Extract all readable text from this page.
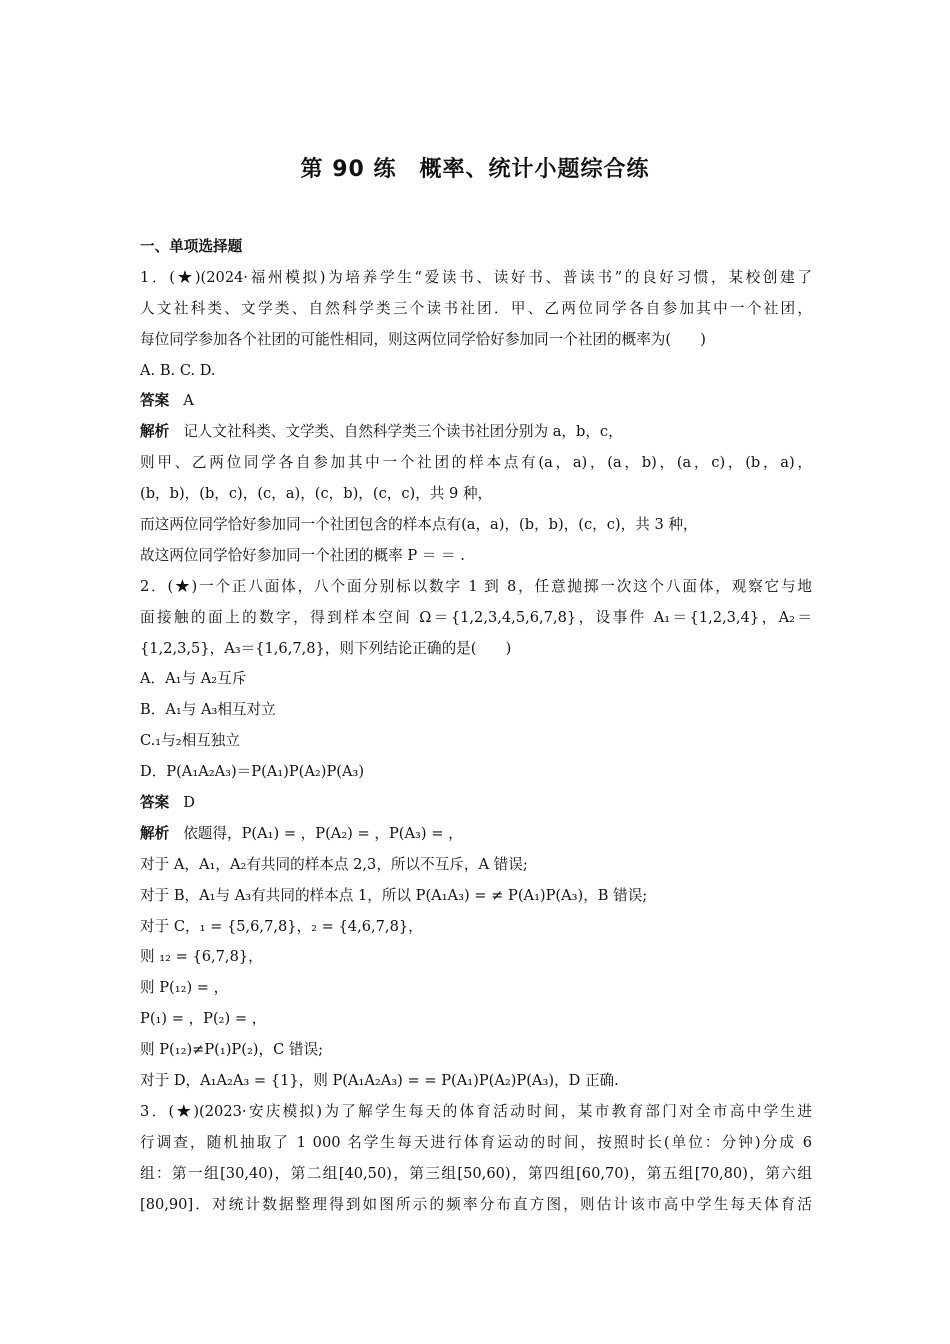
第 90 练　概率、统计小题综合练
一、单项选择题
1．(★)(2024·福州模拟)为培养学生“爱读书、读好书、普读书”的良好习惯，某校创建了
人文社科类、文学类、自然科学类三个读书社团．甲、乙两位同学各自参加其中一个社团，
每位同学参加各个社团的可能性相同，则这两位同学恰好参加同一个社团的概率为(　　)
A. B. C. D.
答案 A
解析 记人文社科类、文学类、自然科学类三个读书社团分别为 a，b，c，
则甲、乙两位同学各自参加其中一个社团的样本点有(a，a)，(a，b)，(a，c)，(b，a)，
(b，b)，(b，c)，(c，a)，(c，b)，(c，c)，共 9 种，
而这两位同学恰好参加同一个社团包含的样本点有(a，a)，(b，b)，(c，c)，共 3 种，
故这两位同学恰好参加同一个社团的概率 P ＝ ＝ .
2．(★)一个正八面体，八个面分别标以数字 1 到 8，任意抛掷一次这个八面体，观察它与地
面接触的面上的数字，得到样本空间 Ω＝{1,2,3,4,5,6,7,8}，设事件 A₁＝{1,2,3,4}，A₂＝
{1,2,3,5}，A₃＝{1,6,7,8}，则下列结论正确的是(　　)
A．A₁与 A₂互斥
B．A₁与 A₃相互对立
C.₁与₂相互独立
D．P(A₁A₂A₃)＝P(A₁)P(A₂)P(A₃)
答案 D
解析 依题得，P(A₁) = ，P(A₂) = ，P(A₃) = ，
对于 A，A₁，A₂有共同的样本点 2,3，所以不互斥，A 错误;
对于 B，A₁与 A₃有共同的样本点 1，所以 P(A₁A₃) = ≠ P(A₁)P(A₃)，B 错误;
对于 C，₁ = {5,6,7,8}，₂ = {4,6,7,8}，
则 ₁₂ = {6,7,8}，
则 P(₁₂) = ，
P(₁) = ，P(₂) = ，
则 P(₁₂)≠P(₁)P(₂)，C 错误;
对于 D，A₁A₂A₃ = {1}，则 P(A₁A₂A₃) = = P(A₁)P(A₂)P(A₃)，D 正确.
3．(★)(2023·安庆模拟)为了解学生每天的体育活动时间，某市教育部门对全市高中学生进
行调查，随机抽取了 1 000 名学生每天进行体育运动的时间，按照时长(单位：分钟)分成 6
组：第一组[30,40)，第二组[40,50)，第三组[50,60)，第四组[60,70)，第五组[70,80)，第六组
[80,90]．对统计数据整理得到如图所示的频率分布直方图，则估计该市高中学生每天体育活
